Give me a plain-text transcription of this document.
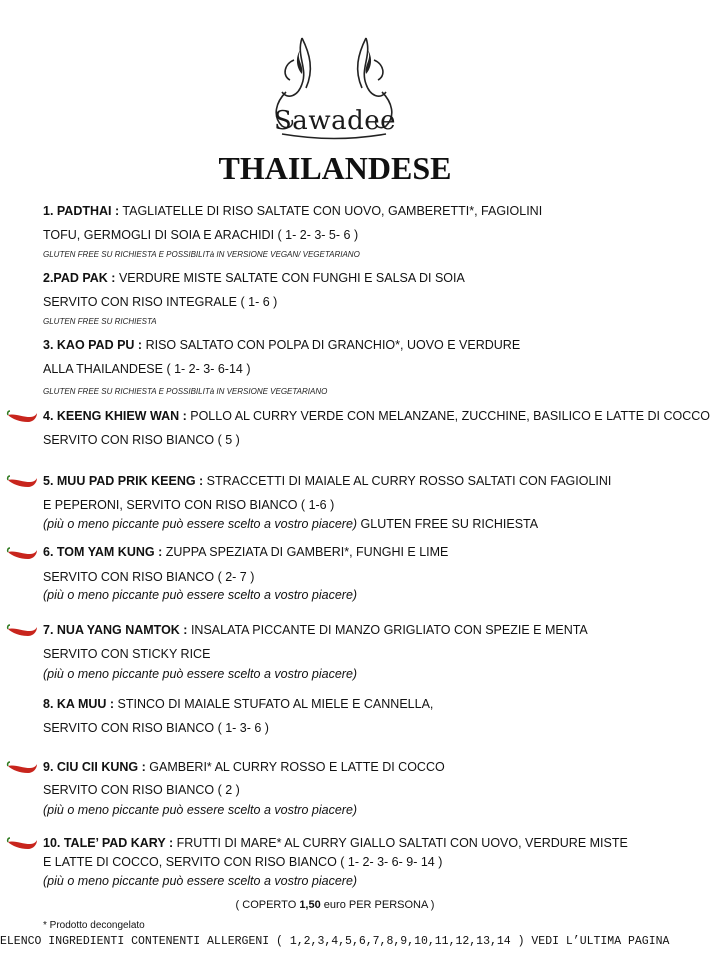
Sawadee
THAILANDESE
1. PADTHAI : TAGLIATELLE DI RISO SALTATE CON UOVO, GAMBERETTI*, FAGIOLINI
TOFU, GERMOGLI DI SOIA E ARACHIDI ( 1- 2- 3- 5- 6 )
GLUTEN FREE SU RICHIESTA E POSSIBILITà IN VERSIONE VEGAN/ VEGETARIANO
2.PAD PAK : VERDURE MISTE SALTATE CON FUNGHI E SALSA DI SOIA
SERVITO CON RISO INTEGRALE ( 1- 6 )
GLUTEN FREE SU RICHIESTA
3. KAO PAD PU : RISO SALTATO CON POLPA DI GRANCHIO*, UOVO E VERDURE
ALLA THAILANDESE ( 1- 2- 3- 6-14 )
GLUTEN FREE SU RICHIESTA E POSSIBILITà IN VERSIONE VEGETARIANO
4. KEENG KHIEW WAN : POLLO AL CURRY VERDE CON MELANZANE, ZUCCHINE, BASILICO E LATTE DI COCCO
SERVITO CON RISO BIANCO ( 5 )
5. MUU PAD PRIK KEENG : STRACCETTI DI MAIALE AL CURRY ROSSO SALTATI CON FAGIOLINI
E PEPERONI, SERVITO CON RISO BIANCO ( 1-6 )
(più o meno piccante può essere scelto a vostro piacere) GLUTEN FREE SU RICHIESTA
6. TOM YAM KUNG : ZUPPA SPEZIATA DI GAMBERI*, FUNGHI E LIME
SERVITO CON RISO BIANCO ( 2- 7 )
(più o meno piccante può essere scelto a vostro piacere)
7. NUA YANG NAMTOK : INSALATA PICCANTE DI MANZO GRIGLIATO CON SPEZIE E MENTA
SERVITO CON STICKY RICE
(più o meno piccante può essere scelto a vostro piacere)
8. KA MUU : STINCO DI MAIALE STUFATO AL MIELE E CANNELLA,
SERVITO CON RISO BIANCO ( 1- 3- 6 )
9. CIU CII KUNG : GAMBERI* AL CURRY ROSSO E LATTE DI COCCO
SERVITO CON RISO BIANCO ( 2 )
(più o meno piccante può essere scelto a vostro piacere)
10. TALE’ PAD KARY : FRUTTI DI MARE* AL CURRY GIALLO SALTATI CON UOVO, VERDURE MISTE
E LATTE DI COCCO, SERVITO CON RISO BIANCO ( 1- 2- 3- 6- 9- 14 )
(più o meno piccante può essere scelto a vostro piacere)
( COPERTO 1,50 euro PER PERSONA )
* Prodotto decongelato
ELENCO INGREDIENTI CONTENENTI ALLERGENI ( 1,2,3,4,5,6,7,8,9,10,11,12,13,14 ) VEDI L’ULTIMA PAGINA
